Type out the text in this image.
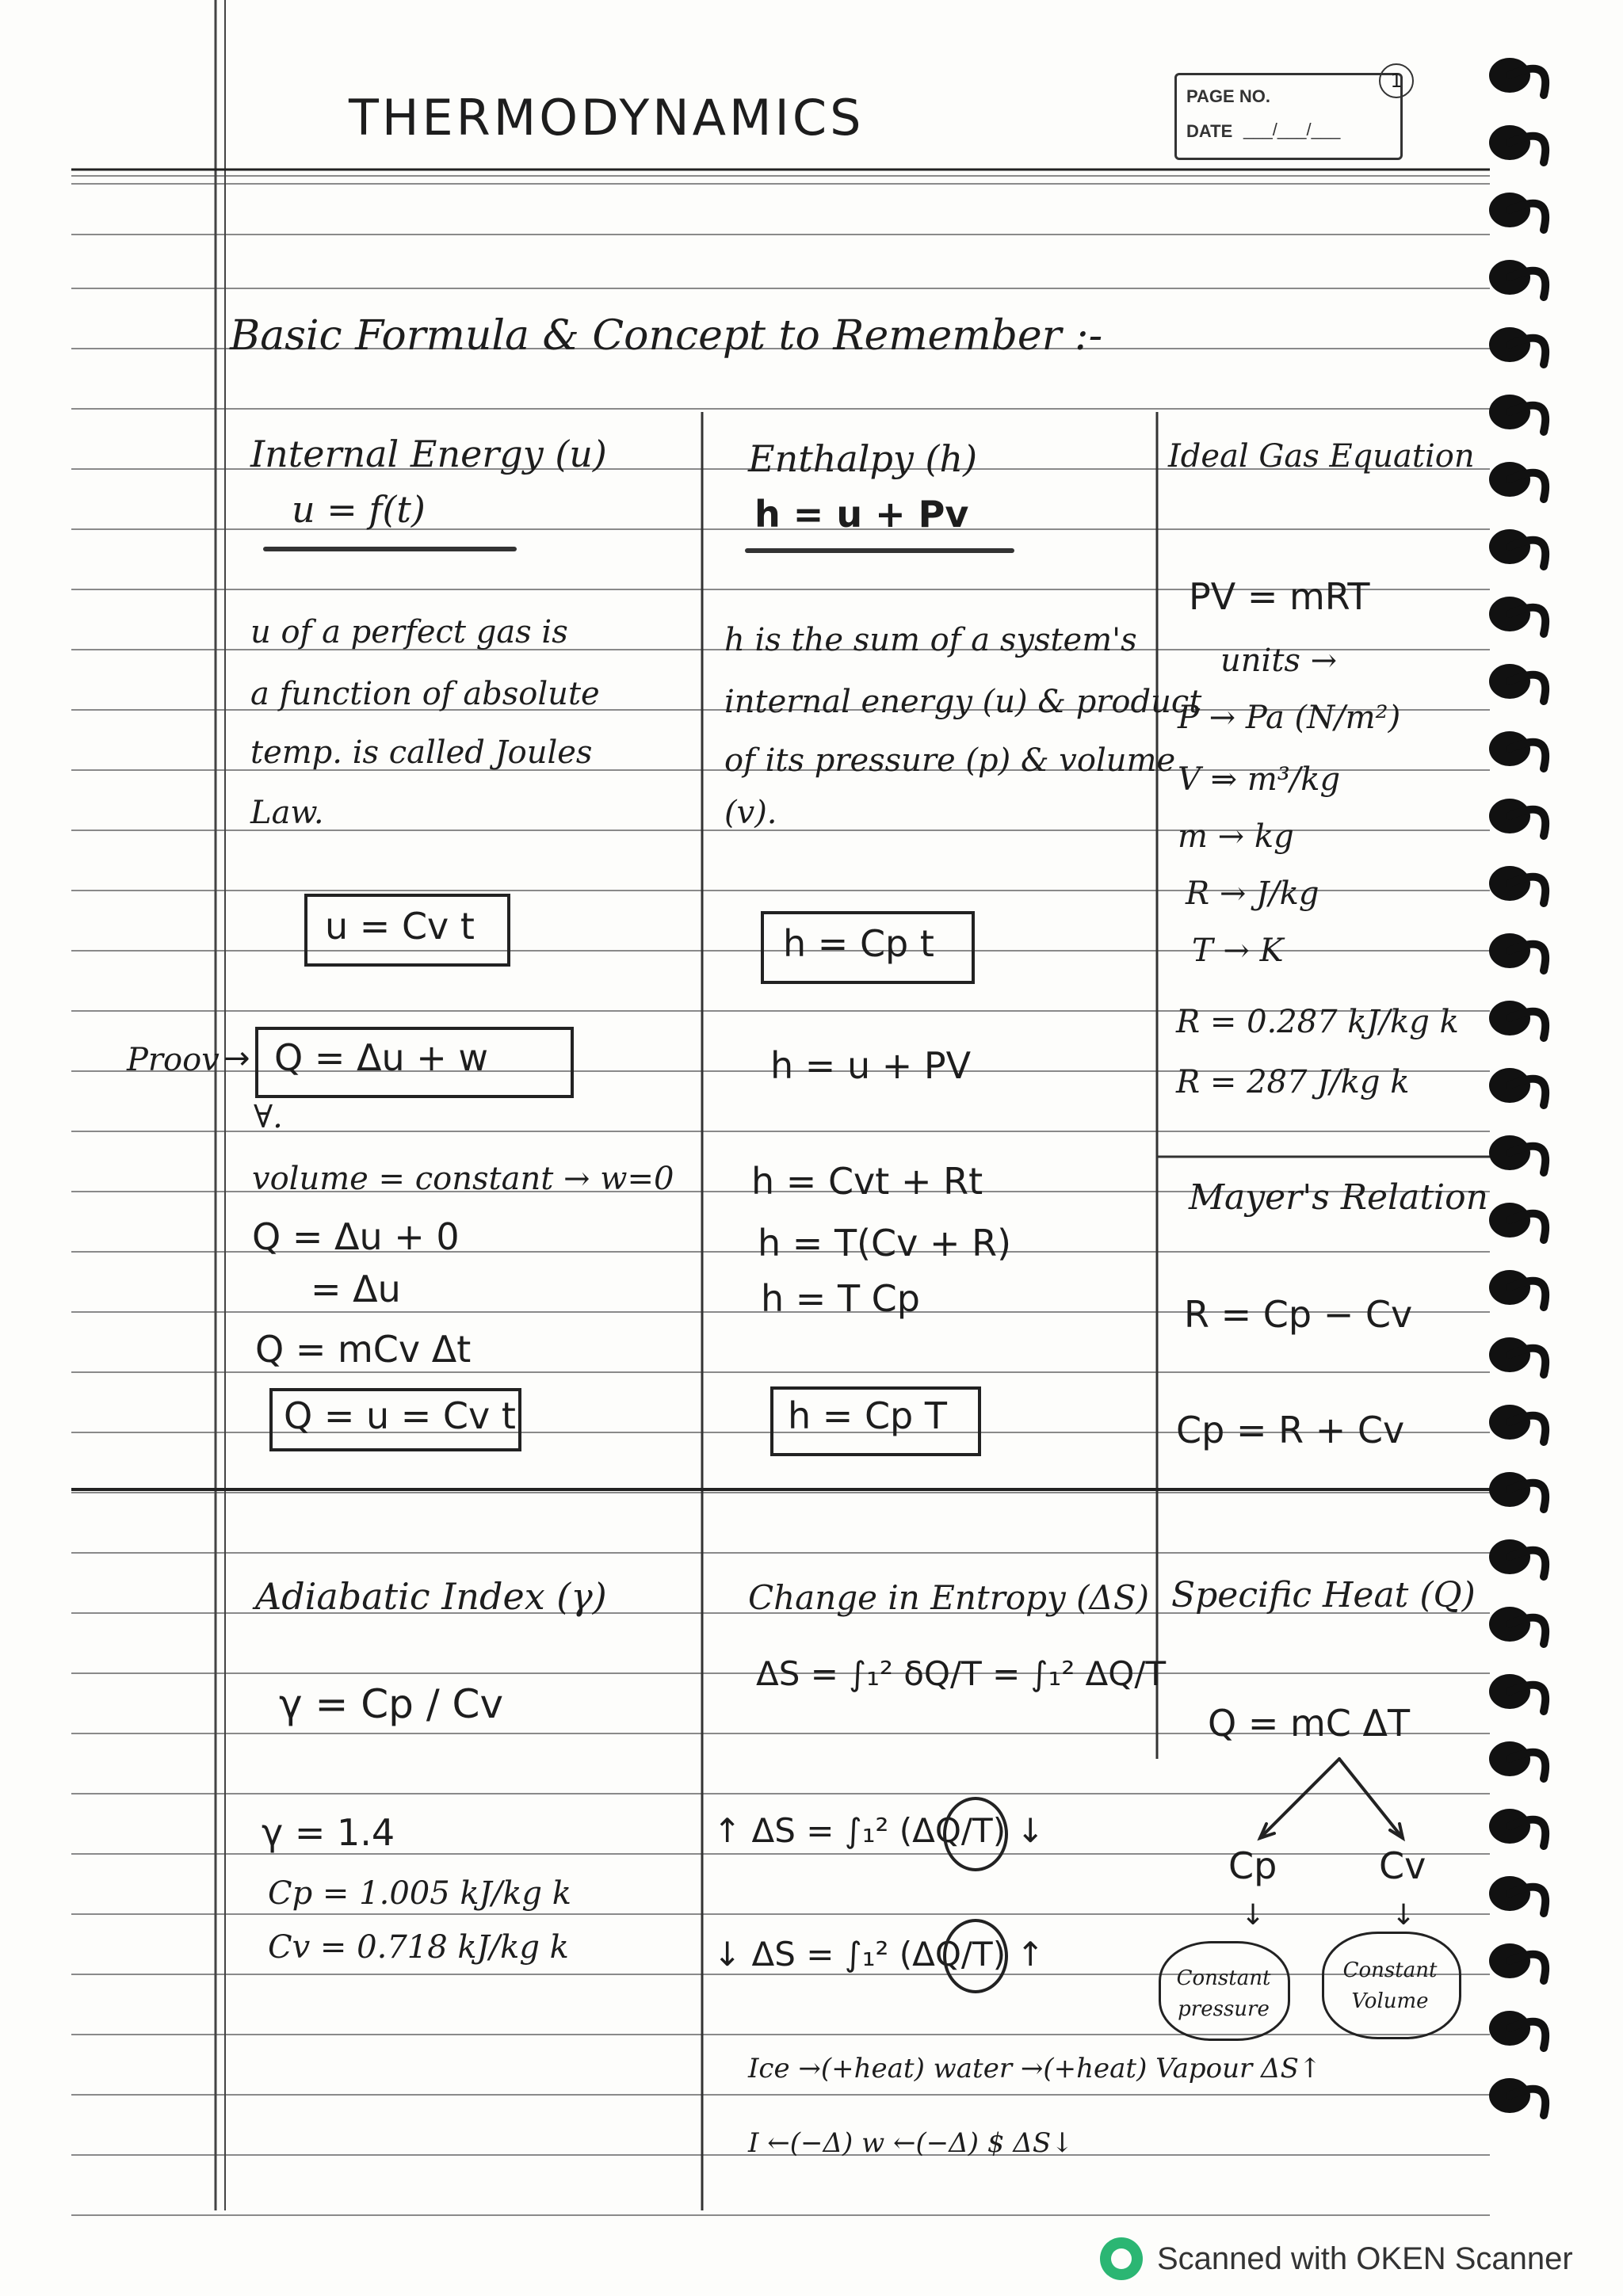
THERMODYNAMICS	PAGE NO.
DATE ___/___/___
1
Basic Formula & Concept to Remember :-
Internal Energy (u)
u = f(t)
u of a perfect gas is
a function of absolute
temp. is called Joules
Law.
u = Cv t
Proov → Q = Δu + w
∀.
volume = constant → w=0
Q = Δu + 0
= Δu
Q = mCv Δt
Q = u = Cv t
Enthalpy (h)
h = u + Pv
h is the sum of a system's
internal energy (u) & product
of its pressure (p) & volume
(v).
h = Cp t
h = u + PV
h = Cvt + Rt
h = T(Cv + R)
h = T Cp
h = Cp T
Ideal Gas Equation
PV = mRT
units →
P → Pa (N/m²)
V ⇒ m³/kg
m → kg
R → J/kg
T → K
R = 0.287 kJ/kg k
R = 287 J/kg k
Mayer's Relation
R = Cp − Cv
Cp = R + Cv
Adiabatic Index (γ)
γ = Cp / Cv
γ = 1.4
Cp = 1.005 kJ/kg k
Cv = 0.718 kJ/kg k
Change in Entropy (ΔS)
ΔS = ∫₁² δQ/T = ∫₁² ΔQ/T
↑ ΔS = ∫₁² (ΔQ/T) ↓
↓ ΔS = ∫₁² (ΔQ/T) ↑
Ice →(+heat) water →(+heat) Vapour ΔS↑
I ←(−Δ) w ←(−Δ) $ ΔS↓
Specific Heat (Q)
Q = mC ΔT
Cp	Cv
↓	↓
Constant pressure
Constant Volume
Scanned with OKEN Scanner
